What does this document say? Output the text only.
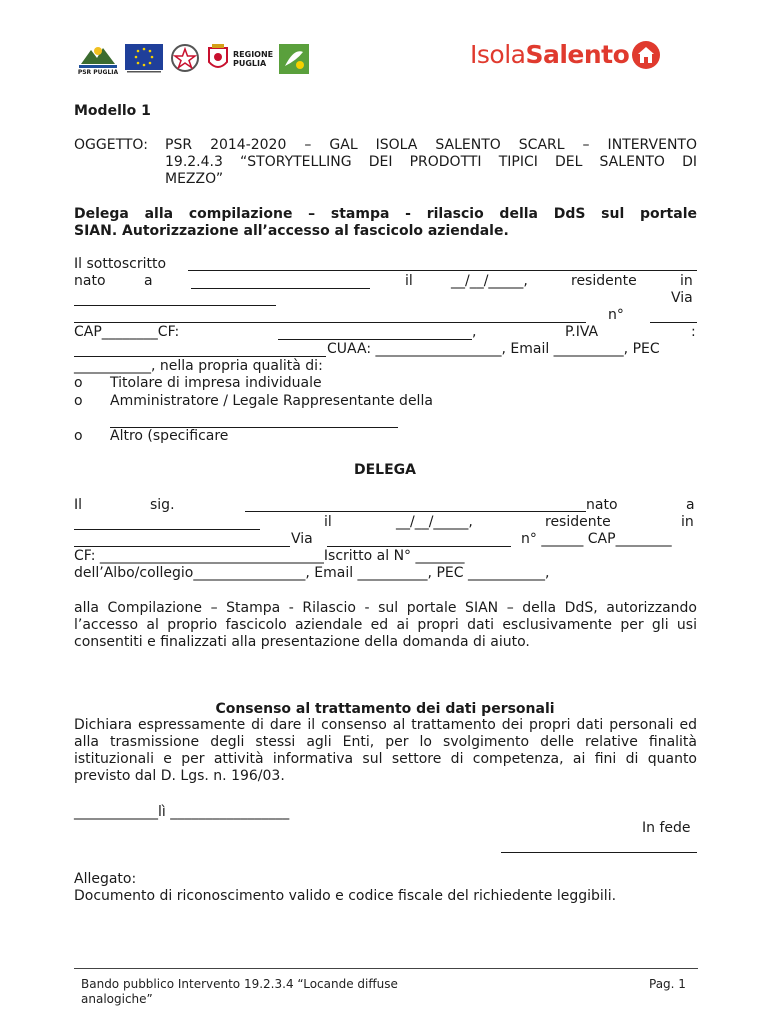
PSR PUGLIA
REGIONE PUGLIA	IsolaSalento
Modello 1
OGGETTO: PSR 2014-2020 – GAL ISOLA SALENTO SCARL – INTERVENTO
19.2.4.3 “STORYTELLING DEI PRODOTTI TIPICI DEL SALENTO DI
MEZZO”
Delega alla compilazione – stampa - rilascio della DdS sul portale
SIAN. Autorizzazione all’accesso al fascicolo aziendale.
Il sottoscritto
nato	a	il	__/__/_____,	residente	in
Via
n°
CAP________CF:	,	P.IVA	:
CUAA: __________________, Email __________, PEC
___________, nella propria qualità di:
o Titolare di impresa individuale
o Amministratore / Legale Rappresentante della
o Altro (specificare
DELEGA
Il	sig.	nato	a
il	__/__/_____,	residente	in
Via	n° ______ CAP________
CF: ________________________________Iscritto al N° _______
dell’Albo/collegio________________, Email __________, PEC ___________,
alla Compilazione – Stampa - Rilascio - sul portale SIAN – della DdS, autorizzando l’accesso al proprio fascicolo aziendale ed ai propri dati esclusivamente per gli usi consentiti e finalizzati alla presentazione della domanda di aiuto.
Consenso al trattamento dei dati personali
Dichiara espressamente di dare il consenso al trattamento dei propri dati personali ed alla trasmissione degli stessi agli Enti, per lo svolgimento delle relative finalità istituzionali e per attività informativa sul settore di competenza, ai fini di quanto previsto dal D. Lgs. n. 196/03.
____________lì _________________
In fede
Allegato:
Documento di riconoscimento valido e codice fiscale del richiedente leggibili.
Bando pubblico Intervento 19.2.3.4 “Locande diffuse
analogiche”
Pag. 1
